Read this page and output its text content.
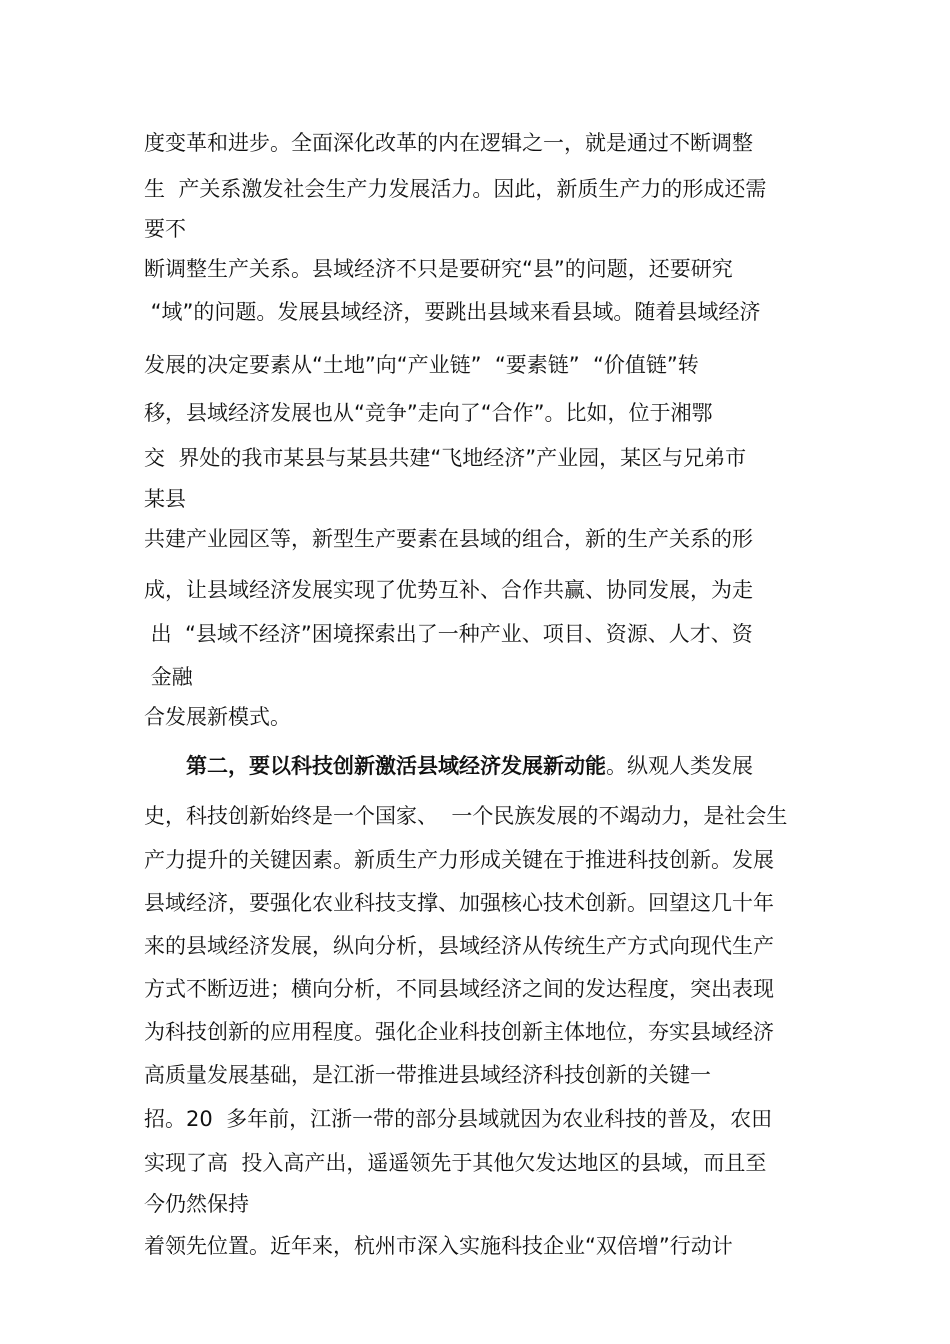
度变革和进步。全面深化改革的内在逻辑之一，就是通过不断调整
生  产关系激发社会生产力发展活力。因此，新质生产力的形成还需
要不
断调整生产关系。县域经济不只是要研究“县”的问题，还要研究
“域”的问题。发展县域经济，要跳出县域来看县域。随着县域经济
发展的决定要素从“土地”向“产业链”  “要素链”  “价值链”转
移，县域经济发展也从“竞争”走向了“合作”。比如，位于湘鄂
交  界处的我市某县与某县共建“飞地经济”产业园，某区与兄弟市
某县
共建产业园区等，新型生产要素在县域的组合，新的生产关系的形
成，让县域经济发展实现了优势互补、合作共赢、协同发展，为走
出  “县域不经济”困境探索出了一种产业、项目、资源、人才、资
金融
合发展新模式。
第二，要以科技创新激活县域经济发展新动能。纵观人类发展
史，科技创新始终是一个国家、  一个民族发展的不竭动力，是社会生
产力提升的关键因素。新质生产力形成关键在于推进科技创新。发展
县域经济，要强化农业科技支撑、加强核心技术创新。回望这几十年
来的县域经济发展，纵向分析，县域经济从传统生产方式向现代生产
方式不断迈进；横向分析，不同县域经济之间的发达程度，突出表现
为科技创新的应用程度。强化企业科技创新主体地位，夯实县域经济
高质量发展基础，是江浙一带推进县域经济科技创新的关键一
招。20  多年前，江浙一带的部分县域就因为农业科技的普及，农田
实现了高  投入高产出，遥遥领先于其他欠发达地区的县域，而且至
今仍然保持
着领先位置。近年来，杭州市深入实施科技企业“双倍增”行动计
